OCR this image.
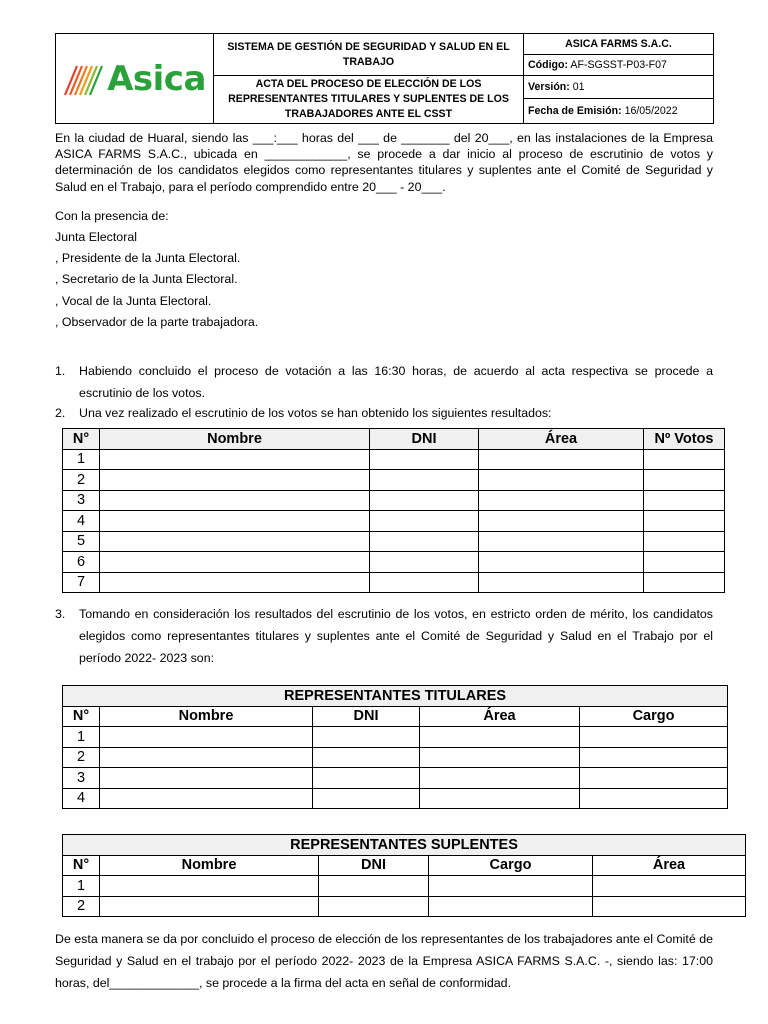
Asica	SISTEMA DE GESTIÓN DE SEGURIDAD Y SALUD EN EL TRABAJO	ASICA FARMS S.A.C.
		Código: AF-SGSST-P03-F07
	ACTA DEL PROCESO DE ELECCIÓN DE LOS REPRESENTANTES TITULARES Y SUPLENTES DE LOS TRABAJADORES ANTE EL CSST	Versión: 01
Fecha de Emisión: 16/05/2022

En la ciudad de Huaral, siendo las ___:___ horas del ___ de _______ del 20___, en las instalaciones de la Empresa ASICA FARMS S.A.C., ubicada en ____________, se procede a dar inicio al proceso de escrutinio de votos y determinación de los candidatos elegidos como representantes titulares y suplentes ante el Comité de Seguridad y Salud en el Trabajo, para el período comprendido entre 20___ - 20___.

Con la presencia de:

Junta Electoral

, Presidente de la Junta Electoral.

, Secretario de la Junta Electoral.

, Vocal de la Junta Electoral.

, Observador de la parte trabajadora.

1. Habiendo concluido el proceso de votación a las 16:30 horas, de acuerdo al acta respectiva se procede a escrutinio de los votos.

2. Una vez realizado el escrutinio de los votos se han obtenido los siguientes resultados:

N°	Nombre	DNI	Área	Nº Votos
1				
2				
3				
4				
5				
6				
7				
3. Tomando en consideración los resultados del escrutinio de los votos, en estricto orden de mérito, los candidatos elegidos como representantes titulares y suplentes ante el Comité de Seguridad y Salud en el Trabajo por el período 2022- 2023 son:

REPRESENTANTES TITULARES				
N°	Nombre	DNI	Área	Cargo
1				
2				
3				
4				
REPRESENTANTES SUPLENTES				
N°	Nombre	DNI	Cargo	Área
1				
2				

De esta manera se da por concluido el proceso de elección de los representantes de los trabajadores ante el Comité de Seguridad y Salud en el trabajo por el período 2022- 2023 de la Empresa ASICA FARMS S.A.C. -, siendo las: 17:00 horas, del_____________, se procede a la firma del acta en señal de conformidad.
